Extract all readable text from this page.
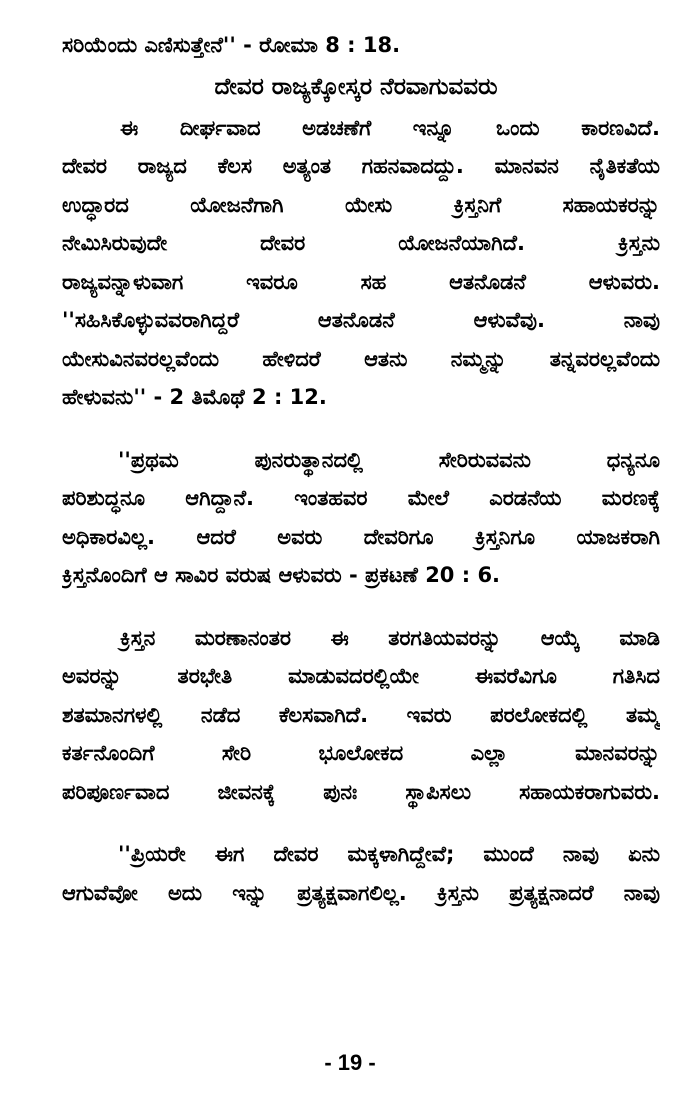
ಸರಿಯೆಂದು ಎಣಿಸುತ್ತೇನೆ'' - ರೋಮಾ 8 : 18.
ದೇವರ ರಾಜ್ಯಕ್ಕೋಸ್ಕರ ನೆರವಾಗುವವರು
ಈ ದೀರ್ಘವಾದ ಅಡಚಣೆಗೆ ಇನ್ನೂ ಒಂದು ಕಾರಣವಿದೆ.
ದೇವರ ರಾಜ್ಯದ ಕೆಲಸ ಅತ್ಯಂತ ಗಹನವಾದದ್ದು. ಮಾನವನ ನೈತಿಕತೆಯ
ಉದ್ಧಾರದ ಯೋಜನೆಗಾಗಿ ಯೇಸು ಕ್ರಿಸ್ತನಿಗೆ ಸಹಾಯಕರನ್ನು
ನೇಮಿಸಿರುವುದೇ ದೇವರ ಯೋಜನೆಯಾಗಿದೆ. ಕ್ರಿಸ್ತನು
ರಾಜ್ಯವನ್ನಾಳುವಾಗ ಇವರೂ ಸಹ ಆತನೊಡನೆ ಆಳುವರು.
''ಸಹಿಸಿಕೊಳ್ಳುವವರಾಗಿದ್ದರೆ ಆತನೊಡನೆ ಆಳುವೆವು. ನಾವು
ಯೇಸುವಿನವರಲ್ಲವೆಂದು ಹೇಳಿದರೆ ಆತನು ನಮ್ಮನ್ನು ತನ್ನವರಲ್ಲವೆಂದು
ಹೇಳುವನು'' - 2 ತಿಮೊಥೆ 2 : 12.
''ಪ್ರಥಮ ಪುನರುತ್ಥಾನದಲ್ಲಿ ಸೇರಿರುವವನು ಧನ್ಯನೂ
ಪರಿಶುದ್ಧನೂ ಆಗಿದ್ದಾನೆ. ಇಂತಹವರ ಮೇಲೆ ಎರಡನೆಯ ಮರಣಕ್ಕೆ
ಅಧಿಕಾರವಿಲ್ಲ. ಆದರೆ ಅವರು ದೇವರಿಗೂ ಕ್ರಿಸ್ತನಿಗೂ ಯಾಜಕರಾಗಿ
ಕ್ರಿಸ್ತನೊಂದಿಗೆ ಆ ಸಾವಿರ ವರುಷ ಆಳುವರು - ಪ್ರಕಟಣೆ 20 : 6.
ಕ್ರಿಸ್ತನ ಮರಣಾನಂತರ ಈ ತರಗತಿಯವರನ್ನು ಆಯ್ಕೆ ಮಾಡಿ
ಅವರನ್ನು ತರಭೇತಿ ಮಾಡುವದರಲ್ಲಿಯೇ ಈವರೆವಿಗೂ ಗತಿಸಿದ
ಶತಮಾನಗಳಲ್ಲಿ ನಡೆದ ಕೆಲಸವಾಗಿದೆ. ಇವರು ಪರಲೋಕದಲ್ಲಿ ತಮ್ಮ
ಕರ್ತನೊಂದಿಗೆ ಸೇರಿ ಭೂಲೋಕದ ಎಲ್ಲಾ ಮಾನವರನ್ನು
ಪರಿಪೂರ್ಣವಾದ ಜೀವನಕ್ಕೆ ಪುನಃ ಸ್ಥಾಪಿಸಲು ಸಹಾಯಕರಾಗುವರು.
''ಪ್ರಿಯರೇ ಈಗ ದೇವರ ಮಕ್ಕಳಾಗಿದ್ದೇವೆ; ಮುಂದೆ ನಾವು ಏನು
ಆಗುವೆವೋ ಅದು ಇನ್ನು ಪ್ರತ್ಯಕ್ಷವಾಗಲಿಲ್ಲ. ಕ್ರಿಸ್ತನು ಪ್ರತ್ಯಕ್ಷನಾದರೆ ನಾವು
- 19 -
